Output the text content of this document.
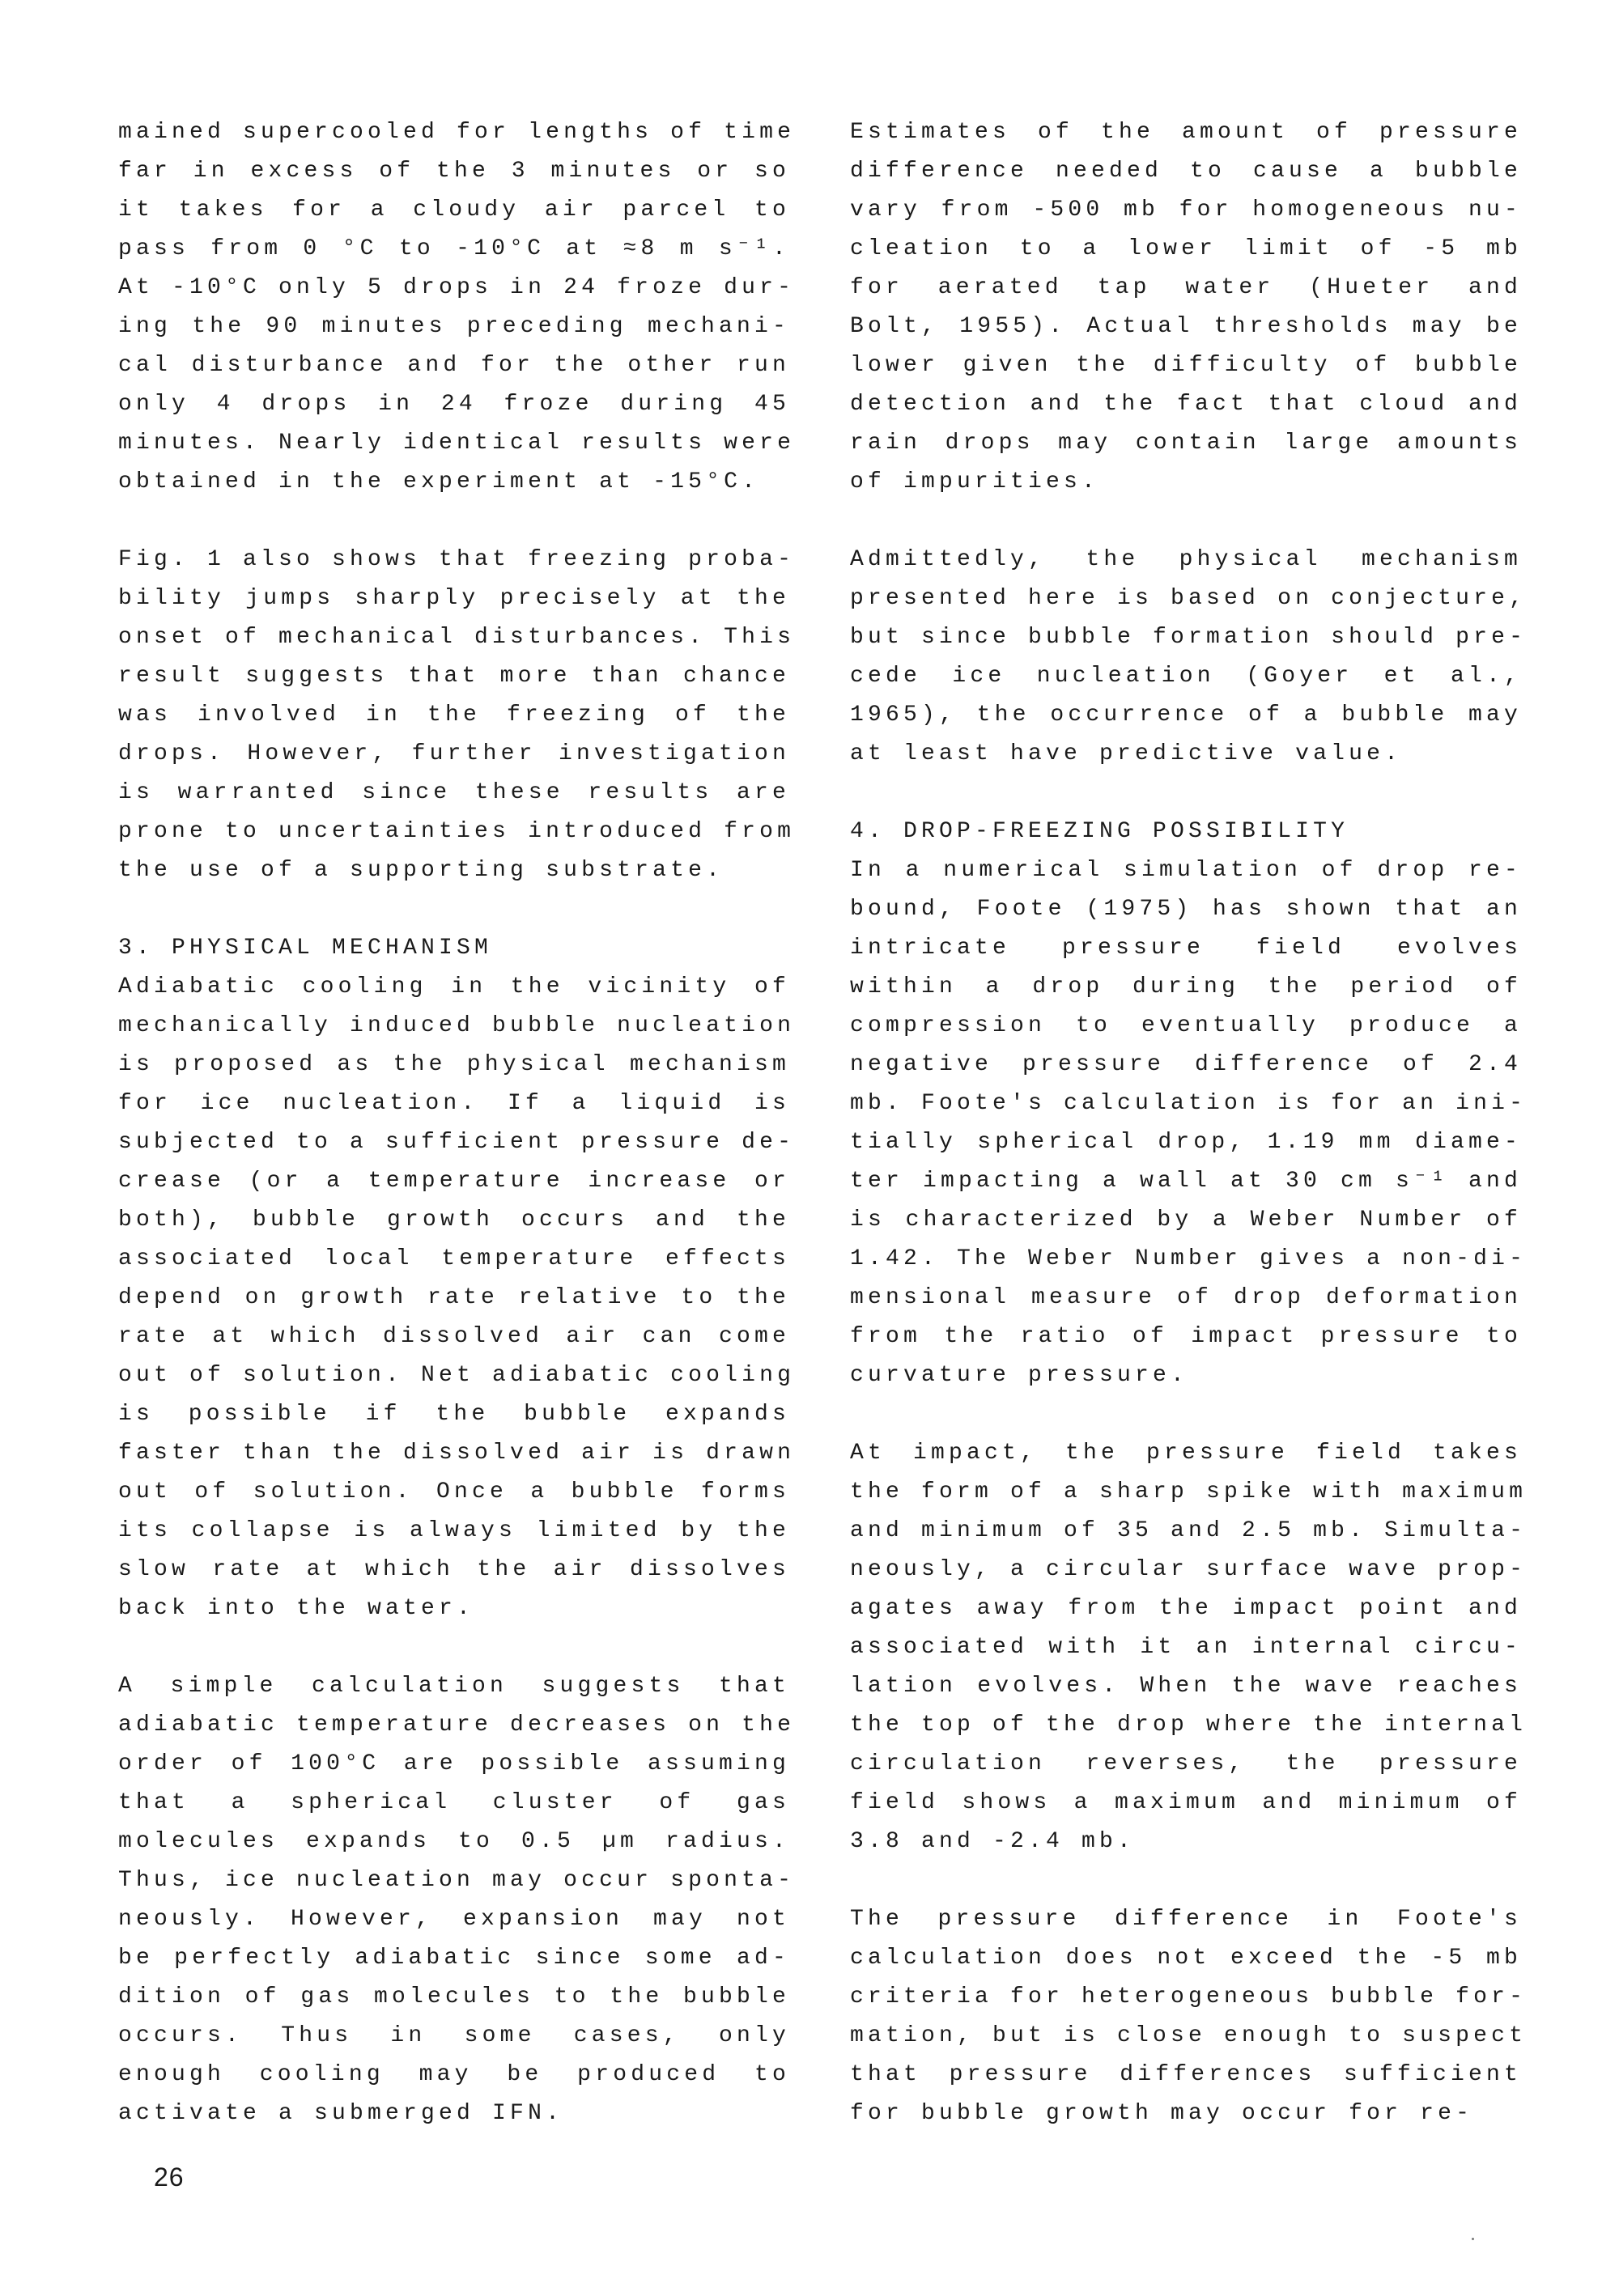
mained supercooled for lengths of time
far in excess of the 3 minutes or so
it takes for a cloudy air parcel to
pass from 0 °C to -10°C at ≈8 m s⁻¹.
At -10°C only 5 drops in 24 froze dur-
ing the 90 minutes preceding mechani-
cal disturbance and for the other run
only 4 drops in 24 froze during 45
minutes. Nearly identical results were
obtained in the experiment at -15°C.
Fig. 1 also shows that freezing proba-
bility jumps sharply precisely at the
onset of mechanical disturbances. This
result suggests that more than chance
was involved in the freezing of the
drops. However, further investigation
is warranted since these results are
prone to uncertainties introduced from
the use of a supporting substrate.
3. PHYSICAL MECHANISM
Adiabatic cooling in the vicinity of
mechanically induced bubble nucleation
is proposed as the physical mechanism
for ice nucleation. If a liquid is
subjected to a sufficient pressure de-
crease (or a temperature increase or
both), bubble growth occurs and the
associated local temperature effects
depend on growth rate relative to the
rate at which dissolved air can come
out of solution. Net adiabatic cooling
is possible if the bubble expands
faster than the dissolved air is drawn
out of solution. Once a bubble forms
its collapse is always limited by the
slow rate at which the air dissolves
back into the water.
A simple calculation suggests that
adiabatic temperature decreases on the
order of 100°C are possible assuming
that a spherical cluster of gas
molecules expands to 0.5 µm radius.
Thus, ice nucleation may occur sponta-
neously. However, expansion may not
be perfectly adiabatic since some ad-
dition of gas molecules to the bubble
occurs. Thus in some cases, only
enough cooling may be produced to
activate a submerged IFN.
Estimates of the amount of pressure
difference needed to cause a bubble
vary from -500 mb for homogeneous nu-
cleation to a lower limit of -5 mb
for aerated tap water (Hueter and
Bolt, 1955). Actual thresholds may be
lower given the difficulty of bubble
detection and the fact that cloud and
rain drops may contain large amounts
of impurities.
Admittedly, the physical mechanism
presented here is based on conjecture,
but since bubble formation should pre-
cede ice nucleation (Goyer et al.,
1965), the occurrence of a bubble may
at least have predictive value.
4. DROP-FREEZING POSSIBILITY
In a numerical simulation of drop re-
bound, Foote (1975) has shown that an
intricate pressure field evolves
within a drop during the period of
compression to eventually produce a
negative pressure difference of 2.4
mb. Foote's calculation is for an ini-
tially spherical drop, 1.19 mm diame-
ter impacting a wall at 30 cm s⁻¹ and
is characterized by a Weber Number of
1.42. The Weber Number gives a non-di-
mensional measure of drop deformation
from the ratio of impact pressure to
curvature pressure.
At impact, the pressure field takes
the form of a sharp spike with maximum
and minimum of 35 and 2.5 mb. Simulta-
neously, a circular surface wave prop-
agates away from the impact point and
associated with it an internal circu-
lation evolves. When the wave reaches
the top of the drop where the internal
circulation reverses, the pressure
field shows a maximum and minimum of
3.8 and -2.4 mb.
The pressure difference in Foote's
calculation does not exceed the -5 mb
criteria for heterogeneous bubble for-
mation, but is close enough to suspect
that pressure differences sufficient
for bubble growth may occur for re-
26
